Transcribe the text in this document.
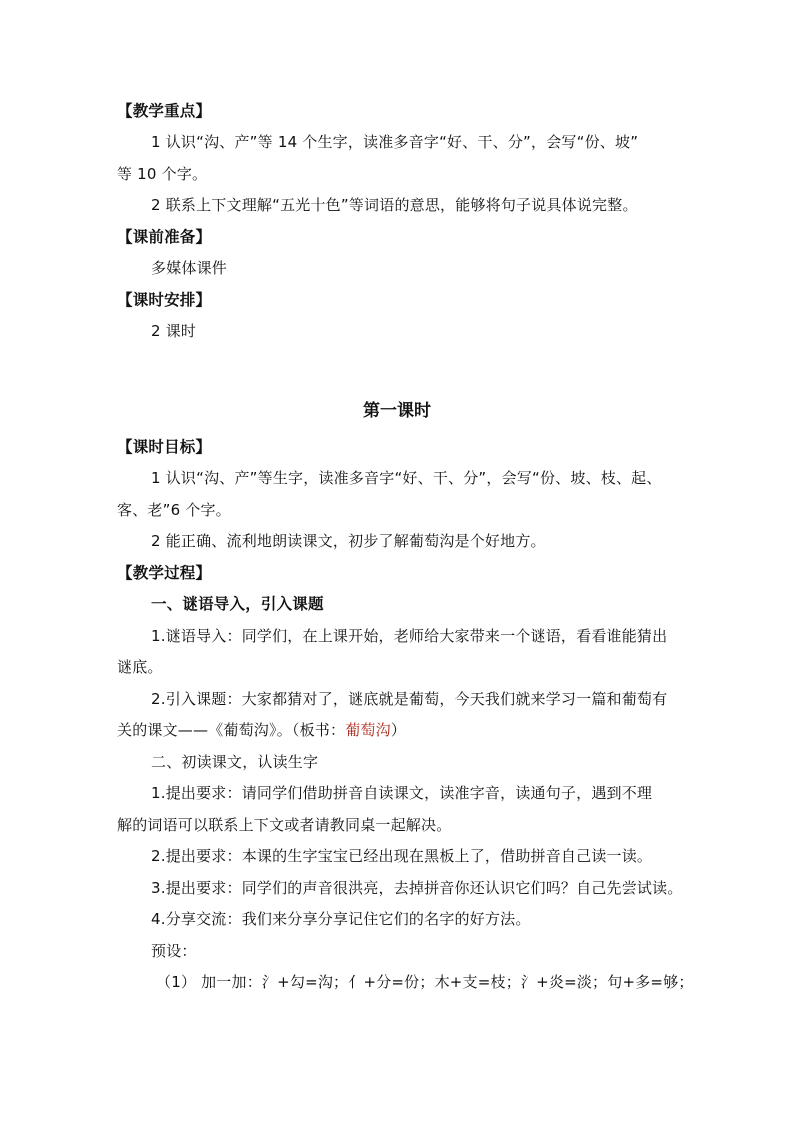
【教学重点】
1 认识“沟、产”等 14 个生字，读准多音字“好、干、分”，会写“份、坡”
等 10 个字。
2 联系上下文理解“五光十色”等词语的意思，能够将句子说具体说完整。
【课前准备】
多媒体课件
【课时安排】
2 课时
第一课时
【课时目标】
1 认识“沟、产”等生字，读准多音字“好、干、分”，会写“份、坡、枝、起、
客、老”6 个字。
2 能正确、流利地朗读课文，初步了解葡萄沟是个好地方。
【教学过程】
一、谜语导入，引入课题
1.谜语导入：同学们，在上课开始，老师给大家带来一个谜语，看看谁能猜出
谜底。
2.引入课题：大家都猜对了，谜底就是葡萄，今天我们就来学习一篇和葡萄有
关的课文——《葡萄沟》。（板书：葡萄沟）
二、初读课文，认读生字
1.提出要求：请同学们借助拼音自读课文，读准字音，读通句子，遇到不理
解的词语可以联系上下文或者请教同桌一起解决。
2.提出要求：本课的生字宝宝已经出现在黑板上了，借助拼音自己读一读。
3.提出要求：同学们的声音很洪亮，去掉拼音你还认识它们吗？自己先尝试读。
4.分享交流：我们来分享分享记住它们的名字的好方法。
预设：
（1） 加一加：氵+勾=沟；亻+分=份；木+支=枝；氵+炎=淡；句+多=够；
